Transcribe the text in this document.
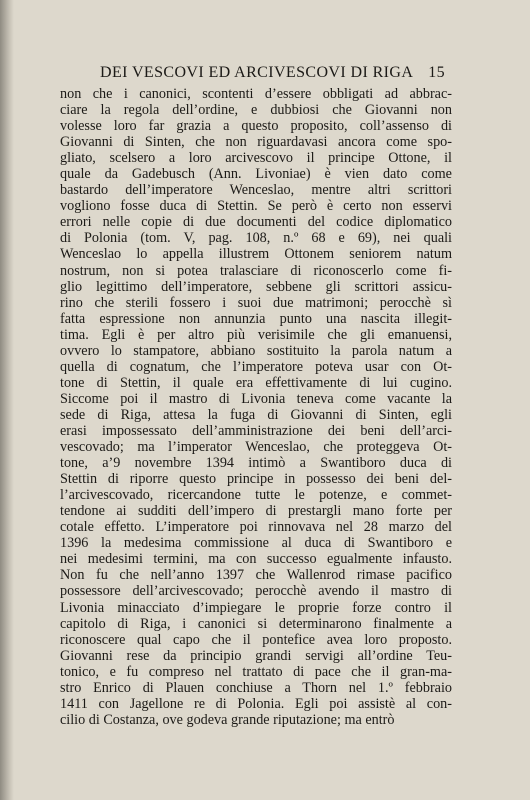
DEI VESCOVI ED ARCIVESCOVI DI RIGA 15
non che i canonici, scontenti d’essere obbligati ad abbrac-
ciare la regola dell’ordine, e dubbiosi che Giovanni non
volesse loro far grazia a questo proposito, coll’assenso di
Giovanni di Sinten, che non riguardavasi ancora come spo-
gliato, scelsero a loro arcivescovo il principe Ottone, il
quale da Gadebusch (Ann. Livoniae) è vien dato come
bastardo dell’imperatore Wenceslao, mentre altri scrittori
vogliono fosse duca di Stettin. Se però è certo non esservi
errori nelle copie di due documenti del codice diplomatico
di Polonia (tom. V, pag. 108, n.º 68 e 69), nei quali
Wenceslao lo appella illustrem Ottonem seniorem natum
nostrum, non si potea tralasciare di riconoscerlo come fi-
glio legittimo dell’imperatore, sebbene gli scrittori assicu-
rino che sterili fossero i suoi due matrimoni; perocchè sì
fatta espressione non annunzia punto una nascita illegit-
tima. Egli è per altro più verisimile che gli emanuensi,
ovvero lo stampatore, abbiano sostituito la parola natum a
quella di cognatum, che l’imperatore poteva usar con Ot-
tone di Stettin, il quale era effettivamente di lui cugino.
Siccome poi il mastro di Livonia teneva come vacante la
sede di Riga, attesa la fuga di Giovanni di Sinten, egli
erasi impossessato dell’amministrazione dei beni dell’arci-
vescovado; ma l’imperator Wenceslao, che proteggeva Ot-
tone, a’9 novembre 1394 intimò a Swantiboro duca di
Stettin di riporre questo principe in possesso dei beni del-
l’arcivescovado, ricercandone tutte le potenze, e commet-
tendone ai sudditi dell’impero di prestargli mano forte per
cotale effetto. L’imperatore poi rinnovava nel 28 marzo del
1396 la medesima commissione al duca di Swantiboro e
nei medesimi termini, ma con successo egualmente infausto.
Non fu che nell’anno 1397 che Wallenrod rimase pacifico
possessore dell’arcivescovado; perocchè avendo il mastro di
Livonia minacciato d’impiegare le proprie forze contro il
capitolo di Riga, i canonici si determinarono finalmente a
riconoscere qual capo che il pontefice avea loro proposto.
Giovanni rese da principio grandi servigi all’ordine Teu-
tonico, e fu compreso nel trattato di pace che il gran-ma-
stro Enrico di Plauen conchiuse a Thorn nel 1.º febbraio
1411 con Jagellone re di Polonia. Egli poi assistè al con-
cilio di Costanza, ove godeva grande riputazione; ma entrò
